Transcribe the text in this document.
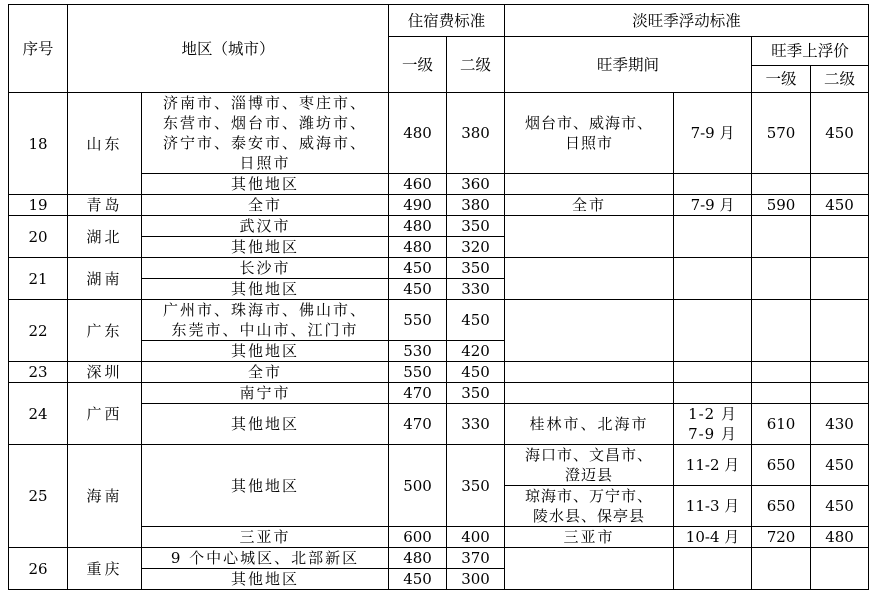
序号	地区（城市）		住宿费标准		淡旺季浮动标准			
			一级	二级	旺季期间		旺季上浮价	
							一级	二级
18	山东	济南市、淄博市、枣庄市、
东营市、烟台市、潍坊市、
济宁市、泰安市、威海市、
日照市	480	380	烟台市、威海市、
日照市	7-9 月	570	450
		其他地区	460	360				
19	青岛	全市	490	380	全市	7-9 月	590	450
20	湖北	武汉市	480	350				
		其他地区	480	320				
21	湖南	长沙市	450	350				
		其他地区	450	330				
22	广东	广州市、珠海市、佛山市、
东莞市、中山市、江门市	550	450				
		其他地区	530	420				
23	深圳	全市	550	450				
24	广西	南宁市	470	350				
		其他地区	470	330	桂林市、北海市	1-2 月
7-9 月	610	430
25	海南	其他地区	500	350	海口市、文昌市、
澄迈县	11-2 月	650	450
					琼海市、万宁市、
陵水县、保亭县	11-3 月	650	450
		三亚市	600	400	三亚市	10-4 月	720	480
26	重庆	9 个中心城区、北部新区	480	370				
		其他地区	450	300				
